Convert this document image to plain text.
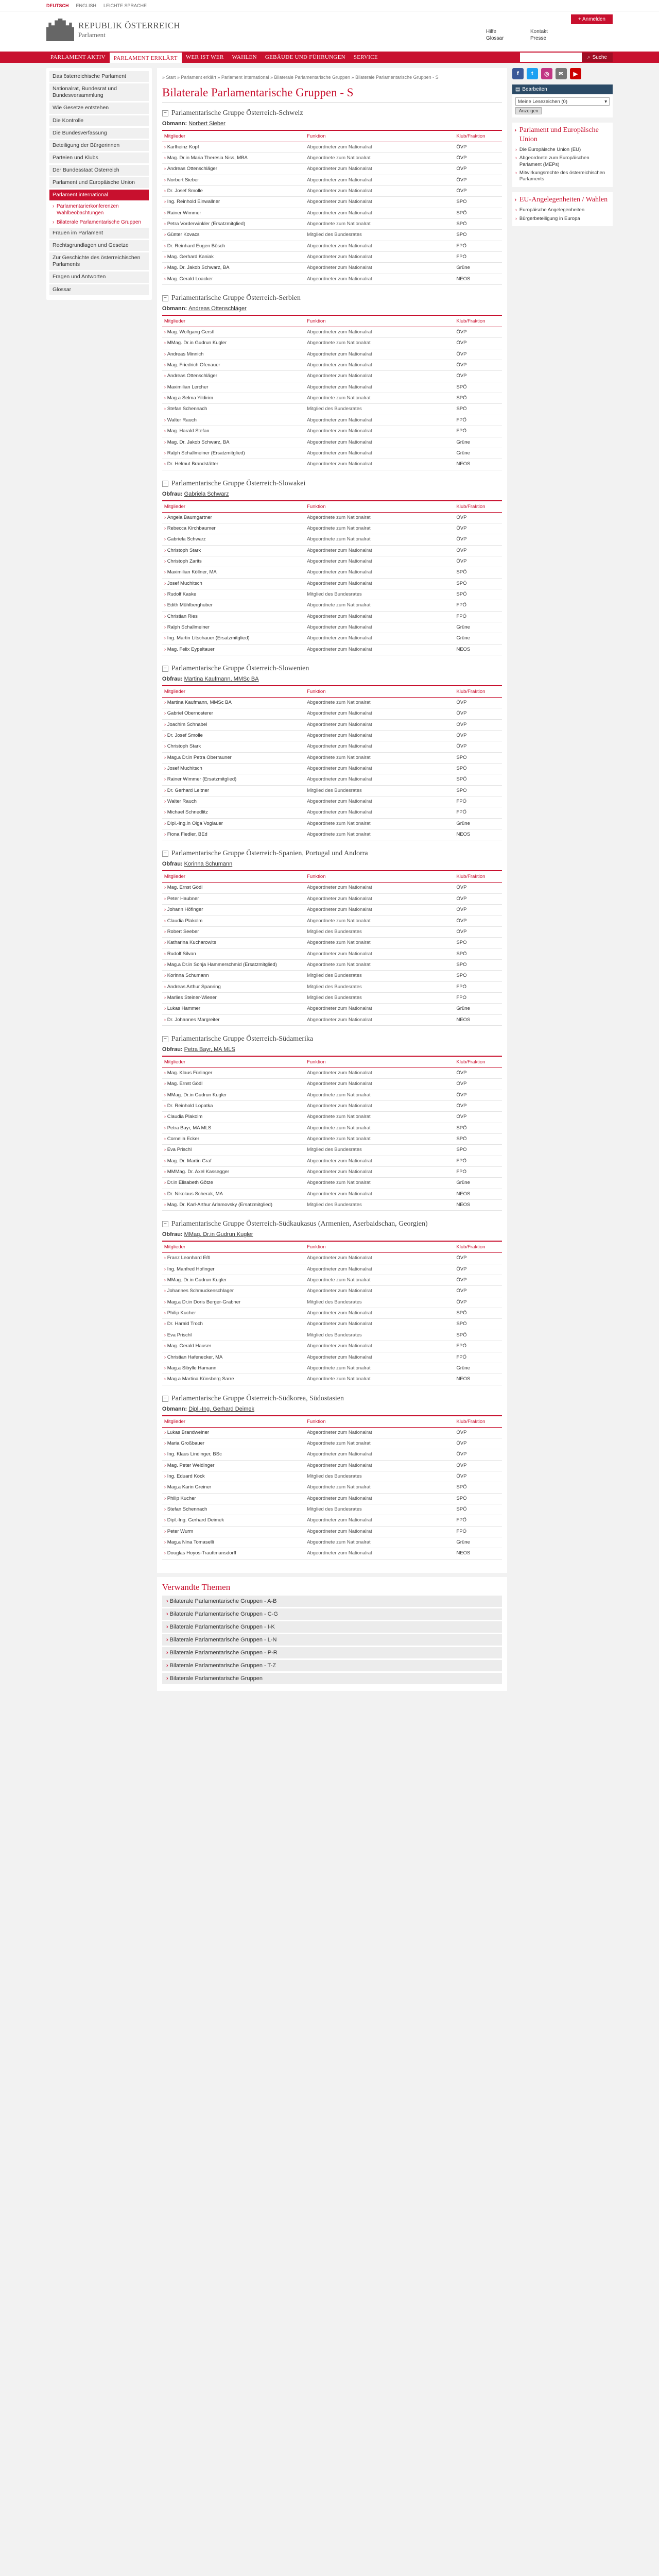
DEUTSCH ENGLISH LEICHTE SPRACHE
REPUBLIK ÖSTERREICH
Parlament	Hilfe	Kontakt
Glossar	Presse
+ Anmelden
PARLAMENT AKTIV	PARLAMENT ERKLÄRT	WER IST WER	WAHLEN	GEBÄUDE UND FÜHRUNGEN	SERVICE	⌕ Suche
Das österreichische Parlament
Nationalrat, Bundesrat und Bundesversammlung
Wie Gesetze entstehen
Die Kontrolle
Die Bundesverfassung
Beteiligung der Bürgerinnen
Parteien und Klubs
Der Bundesstaat Österreich
Parlament und Europäische Union
Parlament international
› Parlamentarierkonferenzen Wahlbeobachtungen
› Bilaterale Parlamentarische Gruppen
Frauen im Parlament
Rechtsgrundlagen und Gesetze
Zur Geschichte des österreichischen Parlaments
Fragen und Antworten
Glossar
» Start » Parlament erklärt » Parlament international » Bilaterale Parlamentarische Gruppen » Bilaterale Parlamentarische Gruppen - S
Bilaterale Parlamentarische Gruppen - S
− Parlamentarische Gruppe Österreich-Schweiz
Obmann: Norbert Sieber
Mitglieder	Funktion	Klub/Fraktion
› Karlheinz Kopf	Abgeordneter zum Nationalrat	ÖVP
› Mag. Dr.in Maria Theresia Niss, MBA	Abgeordnete zum Nationalrat	ÖVP
› Andreas Ottenschläger	Abgeordneter zum Nationalrat	ÖVP
› Norbert Sieber	Abgeordneter zum Nationalrat	ÖVP
› Dr. Josef Smolle	Abgeordneter zum Nationalrat	ÖVP
› Ing. Reinhold Einwallner	Abgeordneter zum Nationalrat	SPÖ
› Rainer Wimmer	Abgeordneter zum Nationalrat	SPÖ
› Petra Vorderwinkler (Ersatzmitglied)	Abgeordnete zum Nationalrat	SPÖ
› Günter Kovacs	Mitglied des Bundesrates	SPÖ
› Dr. Reinhard Eugen Bösch	Abgeordneter zum Nationalrat	FPÖ
› Mag. Gerhard Kaniak	Abgeordneter zum Nationalrat	FPÖ
› Mag. Dr. Jakob Schwarz, BA	Abgeordneter zum Nationalrat	Grüne
› Mag. Gerald Loacker	Abgeordneter zum Nationalrat	NEOS
− Parlamentarische Gruppe Österreich-Serbien
Obmann: Andreas Ottenschläger
Mitglieder	Funktion	Klub/Fraktion
› Mag. Wolfgang Gerstl	Abgeordneter zum Nationalrat	ÖVP
› MMag. Dr.in Gudrun Kugler	Abgeordnete zum Nationalrat	ÖVP
› Andreas Minnich	Abgeordneter zum Nationalrat	ÖVP
› Mag. Friedrich Ofenauer	Abgeordneter zum Nationalrat	ÖVP
› Andreas Ottenschläger	Abgeordneter zum Nationalrat	ÖVP
› Maximilian Lercher	Abgeordneter zum Nationalrat	SPÖ
› Mag.a Selma Yildirim	Abgeordnete zum Nationalrat	SPÖ
› Stefan Schennach	Mitglied des Bundesrates	SPÖ
› Walter Rauch	Abgeordneter zum Nationalrat	FPÖ
› Mag. Harald Stefan	Abgeordneter zum Nationalrat	FPÖ
› Mag. Dr. Jakob Schwarz, BA	Abgeordneter zum Nationalrat	Grüne
› Ralph Schallmeiner (Ersatzmitglied)	Abgeordneter zum Nationalrat	Grüne
› Dr. Helmut Brandstätter	Abgeordneter zum Nationalrat	NEOS
− Parlamentarische Gruppe Österreich-Slowakei
Obfrau: Gabriela Schwarz
Mitglieder	Funktion	Klub/Fraktion
› Angela Baumgartner	Abgeordnete zum Nationalrat	ÖVP
› Rebecca Kirchbaumer	Abgeordnete zum Nationalrat	ÖVP
› Gabriela Schwarz	Abgeordnete zum Nationalrat	ÖVP
› Christoph Stark	Abgeordneter zum Nationalrat	ÖVP
› Christoph Zarits	Abgeordneter zum Nationalrat	ÖVP
› Maximilian Köllner, MA	Abgeordneter zum Nationalrat	SPÖ
› Josef Muchitsch	Abgeordneter zum Nationalrat	SPÖ
› Rudolf Kaske	Mitglied des Bundesrates	SPÖ
› Edith Mühlberghuber	Abgeordnete zum Nationalrat	FPÖ
› Christian Ries	Abgeordneter zum Nationalrat	FPÖ
› Ralph Schallmeiner	Abgeordneter zum Nationalrat	Grüne
› Ing. Martin Litschauer (Ersatzmitglied)	Abgeordneter zum Nationalrat	Grüne
› Mag. Felix Eypeltauer	Abgeordneter zum Nationalrat	NEOS
− Parlamentarische Gruppe Österreich-Slowenien
Obfrau: Martina Kaufmann, MMSc BA
Mitglieder	Funktion	Klub/Fraktion
› Martina Kaufmann, MMSc BA	Abgeordnete zum Nationalrat	ÖVP
› Gabriel Obernosterer	Abgeordneter zum Nationalrat	ÖVP
› Joachim Schnabel	Abgeordneter zum Nationalrat	ÖVP
› Dr. Josef Smolle	Abgeordneter zum Nationalrat	ÖVP
› Christoph Stark	Abgeordneter zum Nationalrat	ÖVP
› Mag.a Dr.in Petra Oberrauner	Abgeordnete zum Nationalrat	SPÖ
› Josef Muchitsch	Abgeordneter zum Nationalrat	SPÖ
› Rainer Wimmer (Ersatzmitglied)	Abgeordneter zum Nationalrat	SPÖ
› Dr. Gerhard Leitner	Mitglied des Bundesrates	SPÖ
› Walter Rauch	Abgeordneter zum Nationalrat	FPÖ
› Michael Schnedlitz	Abgeordneter zum Nationalrat	FPÖ
› Dipl.-Ing.in Olga Voglauer	Abgeordnete zum Nationalrat	Grüne
› Fiona Fiedler, BEd	Abgeordnete zum Nationalrat	NEOS
− Parlamentarische Gruppe Österreich-Spanien, Portugal und Andorra
Obfrau: Korinna Schumann
Mitglieder	Funktion	Klub/Fraktion
› Mag. Ernst Gödl	Abgeordneter zum Nationalrat	ÖVP
› Peter Haubner	Abgeordneter zum Nationalrat	ÖVP
› Johann Höfinger	Abgeordneter zum Nationalrat	ÖVP
› Claudia Plakolm	Abgeordnete zum Nationalrat	ÖVP
› Robert Seeber	Mitglied des Bundesrates	ÖVP
› Katharina Kucharowits	Abgeordnete zum Nationalrat	SPÖ
› Rudolf Silvan	Abgeordneter zum Nationalrat	SPÖ
› Mag.a Dr.in Sonja Hammerschmid (Ersatzmitglied)	Abgeordnete zum Nationalrat	SPÖ
› Korinna Schumann	Mitglied des Bundesrates	SPÖ
› Andreas Arthur Spanring	Mitglied des Bundesrates	FPÖ
› Marlies Steiner-Wieser	Mitglied des Bundesrates	FPÖ
› Lukas Hammer	Abgeordneter zum Nationalrat	Grüne
› Dr. Johannes Margreiter	Abgeordneter zum Nationalrat	NEOS
− Parlamentarische Gruppe Österreich-Südamerika
Obfrau: Petra Bayr, MA MLS
Mitglieder	Funktion	Klub/Fraktion
› Mag. Klaus Fürlinger	Abgeordneter zum Nationalrat	ÖVP
› Mag. Ernst Gödl	Abgeordneter zum Nationalrat	ÖVP
› MMag. Dr.in Gudrun Kugler	Abgeordnete zum Nationalrat	ÖVP
› Dr. Reinhold Lopatka	Abgeordneter zum Nationalrat	ÖVP
› Claudia Plakolm	Abgeordnete zum Nationalrat	ÖVP
› Petra Bayr, MA MLS	Abgeordnete zum Nationalrat	SPÖ
› Cornelia Ecker	Abgeordnete zum Nationalrat	SPÖ
› Eva Prischl	Mitglied des Bundesrates	SPÖ
› Mag. Dr. Martin Graf	Abgeordneter zum Nationalrat	FPÖ
› MMMag. Dr. Axel Kassegger	Abgeordneter zum Nationalrat	FPÖ
› Dr.in Elisabeth Götze	Abgeordnete zum Nationalrat	Grüne
› Dr. Nikolaus Scherak, MA	Abgeordneter zum Nationalrat	NEOS
› Mag. Dr. Karl-Arthur Arlamovsky (Ersatzmitglied)	Mitglied des Bundesrates	NEOS
− Parlamentarische Gruppe Österreich-Südkaukasus (Armenien, Aserbaidschan, Georgien)
Obfrau: MMag. Dr.in Gudrun Kugler
Mitglieder	Funktion	Klub/Fraktion
› Franz Leonhard Eßl	Abgeordneter zum Nationalrat	ÖVP
› Ing. Manfred Hofinger	Abgeordneter zum Nationalrat	ÖVP
› MMag. Dr.in Gudrun Kugler	Abgeordnete zum Nationalrat	ÖVP
› Johannes Schmuckenschlager	Abgeordneter zum Nationalrat	ÖVP
› Mag.a Dr.in Doris Berger-Grabner	Mitglied des Bundesrates	ÖVP
› Philip Kucher	Abgeordneter zum Nationalrat	SPÖ
› Dr. Harald Troch	Abgeordneter zum Nationalrat	SPÖ
› Eva Prischl	Mitglied des Bundesrates	SPÖ
› Mag. Gerald Hauser	Abgeordneter zum Nationalrat	FPÖ
› Christian Hafenecker, MA	Abgeordneter zum Nationalrat	FPÖ
› Mag.a Sibylle Hamann	Abgeordnete zum Nationalrat	Grüne
› Mag.a Martina Künsberg Sarre	Abgeordnete zum Nationalrat	NEOS
− Parlamentarische Gruppe Österreich-Südkorea, Südostasien
Obmann: Dipl.-Ing. Gerhard Deimek
Mitglieder	Funktion	Klub/Fraktion
› Lukas Brandweiner	Abgeordneter zum Nationalrat	ÖVP
› Maria Großbauer	Abgeordnete zum Nationalrat	ÖVP
› Ing. Klaus Lindinger, BSc	Abgeordneter zum Nationalrat	ÖVP
› Mag. Peter Weidinger	Abgeordneter zum Nationalrat	ÖVP
› Ing. Eduard Köck	Mitglied des Bundesrates	ÖVP
› Mag.a Karin Greiner	Abgeordnete zum Nationalrat	SPÖ
› Philip Kucher	Abgeordneter zum Nationalrat	SPÖ
› Stefan Schennach	Mitglied des Bundesrates	SPÖ
› Dipl.-Ing. Gerhard Deimek	Abgeordneter zum Nationalrat	FPÖ
› Peter Wurm	Abgeordneter zum Nationalrat	FPÖ
› Mag.a Nina Tomaselli	Abgeordnete zum Nationalrat	Grüne
› Douglas Hoyos-Trauttmansdorff	Abgeordneter zum Nationalrat	NEOS
Verwandte Themen
› Bilaterale Parlamentarische Gruppen - A-B
› Bilaterale Parlamentarische Gruppen - C-G
› Bilaterale Parlamentarische Gruppen - I-K
› Bilaterale Parlamentarische Gruppen - L-N
› Bilaterale Parlamentarische Gruppen - P-R
› Bilaterale Parlamentarische Gruppen - T-Z
› Bilaterale Parlamentarische Gruppen
f	t	◎	✉	▶
▤ Bearbeiten
Meine Lesezeichen (0)	▾
Anzeigen
› Parlament und Europäische Union
› Die Europäische Union (EU)
› Abgeordnete zum Europäischen Parlament (MEPs)
› Mitwirkungsrechte des österreichischen Parlaments
› EU-Angelegenheiten / Wahlen
› Europäische Angelegenheiten
› Bürgerbeteiligung in Europa
